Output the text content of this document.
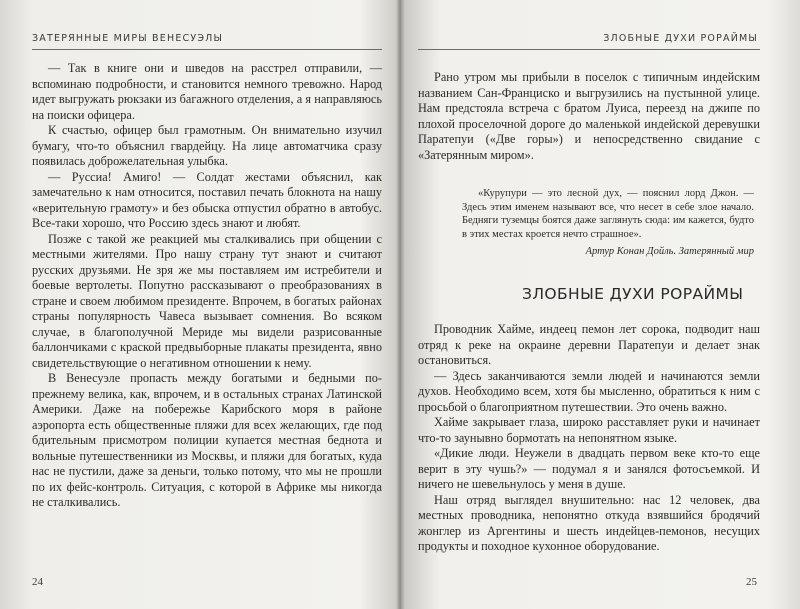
ЗАТЕРЯННЫЕ МИРЫ ВЕНЕСУЭЛЫ

— Так в книге они и шведов на расстрел отправили, — вспоминаю подробности, и становится немного тревожно. Народ идет выгружать рюкзаки из багажного отделения, а я направляюсь на поиски офицера.

К счастью, офицер был грамотным. Он внимательно изучил бумагу, что-то объяснил гвардейцу. На лице автоматчика сразу появилась доброжелательная улыбка.

— Руссиа! Амиго! — Солдат жестами объяснил, как замечательно к нам относится, поставил печать блокнота на нашу «верительную грамоту» и без обыска отпустил обратно в автобус. Все-таки хорошо, что Россию здесь знают и любят.

Позже с такой же реакцией мы сталкивались при общении с местными жителями. Про нашу страну тут знают и считают русских друзьями. Не зря же мы поставляем им истребители и боевые вертолеты. Попутно рассказывают о преобразованиях в стране и своем любимом президенте. Впрочем, в богатых районах страны популярность Чавеса вызывает сомнения. Во всяком случае, в благополучной Мериде мы видели разрисованные баллончиками с краской предвыборные плакаты президента, явно свидетельствующие о негативном отношении к нему.

В Венесуэле пропасть между богатыми и бедными по-прежнему велика, как, впрочем, и в остальных странах Латинской Америки. Даже на побережье Карибского моря в районе аэропорта есть общественные пляжи для всех желающих, где под бдительным присмотром полиции купается местная беднота и вольные путешественники из Москвы, и пляжи для богатых, куда нас не пустили, даже за деньги, только потому, что мы не прошли по их фейс-контроль. Ситуация, с которой в Африке мы никогда не сталкивались.

24
ЗЛОБНЫЕ ДУХИ РОРАЙМЫ

Рано утром мы прибыли в поселок с типичным индейским названием Сан-Франциско и выгрузились на пустынной улице. Нам предстояла встреча с братом Луиса, переезд на джипе по плохой проселочной дороге до маленькой индейской деревушки Паратепуи («Две горы») и непосредственно свидание с «Затерянным миром».

«Курупури — это лесной дух, — пояснил лорд Джон. — Здесь этим именем называют все, что несет в себе злое начало. Бедняги туземцы боятся даже заглянуть сюда: им кажется, будто в этих местах кроется нечто страшное».

Артур Конан Дойль. Затерянный мир

ЗЛОБНЫЕ ДУХИ РОРАЙМЫ

Проводник Хайме, индеец пемон лет сорока, подводит наш отряд к реке на окраине деревни Паратепуи и делает знак остановиться.

— Здесь заканчиваются земли людей и начинаются земли духов. Необходимо всем, хотя бы мысленно, обратиться к ним с просьбой о благоприятном путешествии. Это очень важно.

Хайме закрывает глаза, широко расставляет руки и начинает что-то заунывно бормотать на непонятном языке.

«Дикие люди. Неужели в двадцать первом веке кто-то еще верит в эту чушь?» — подумал я и занялся фотосъемкой. И ничего не шевельнулось у меня в душе.

Наш отряд выглядел внушительно: нас 12 человек, два местных проводника, непонятно откуда взявшийся бродячий жонглер из Аргентины и шесть индейцев-пемонов, несущих продукты и походное кухонное оборудование.

25
